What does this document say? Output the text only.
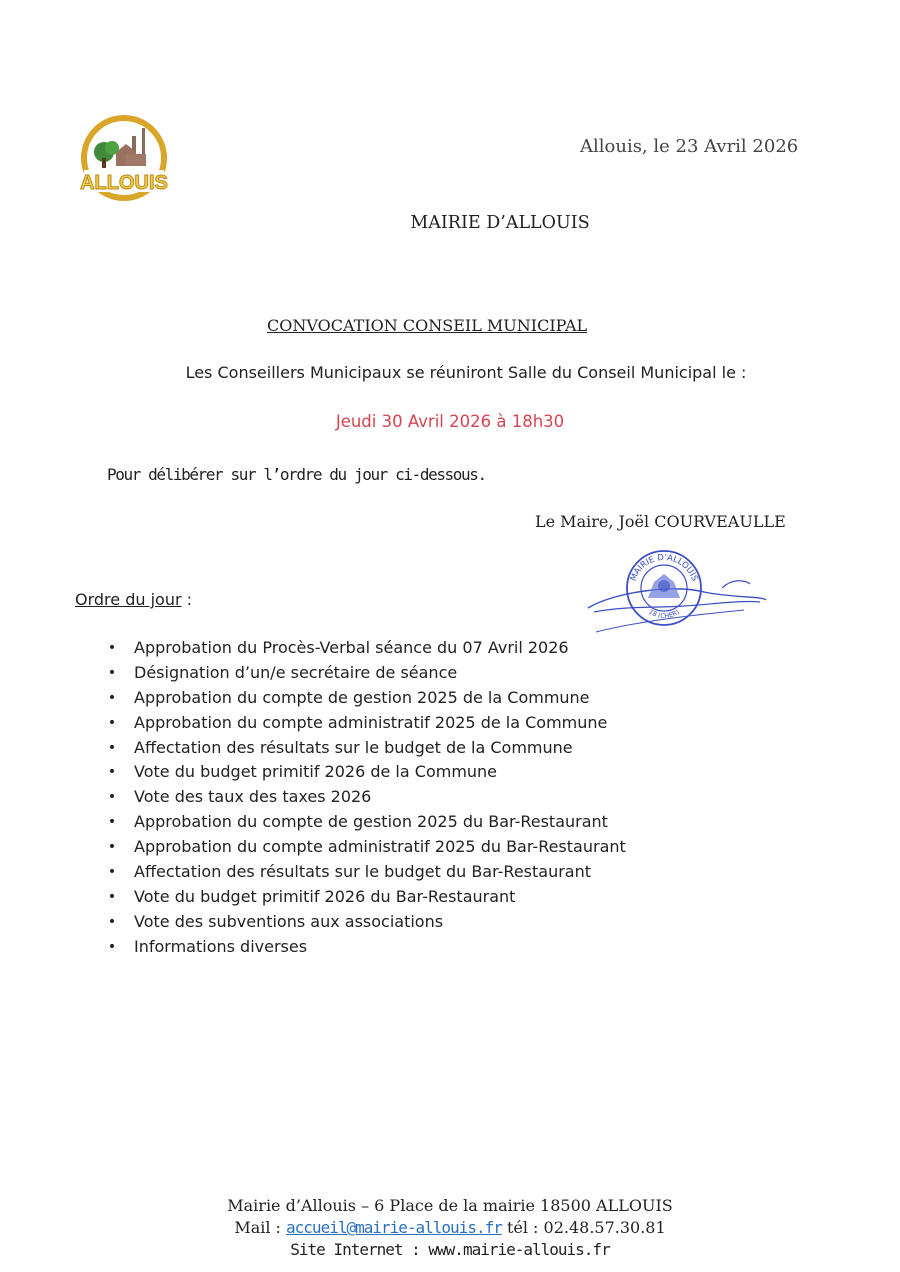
ALLOUIS
Allouis, le 23 Avril 2026
MAIRIE D’ALLOUIS
CONVOCATION CONSEIL MUNICIPAL
Les Conseillers Municipaux se réuniront Salle du Conseil Municipal le :
Jeudi 30 Avril 2026 à 18h30
Pour délibérer sur l’ordre du jour ci-dessous.
Le Maire, Joël COURVEAULLE
MAIRIE D’ALLOUIS
18 (CHER)
Ordre du jour :
• Approbation du Procès-Verbal séance du 07 Avril 2026
• Désignation d’un/e secrétaire de séance
• Approbation du compte de gestion 2025 de la Commune
• Approbation du compte administratif 2025 de la Commune
• Affectation des résultats sur le budget de la Commune
• Vote du budget primitif 2026 de la Commune
• Vote des taux des taxes 2026
• Approbation du compte de gestion 2025 du Bar-Restaurant
• Approbation du compte administratif 2025 du Bar-Restaurant
• Affectation des résultats sur le budget du Bar-Restaurant
• Vote du budget primitif 2026 du Bar-Restaurant
• Vote des subventions aux associations
• Informations diverses
Mairie d’Allouis – 6 Place de la mairie 18500 ALLOUIS
Mail : accueil@mairie-allouis.fr tél : 02.48.57.30.81
Site Internet : www.mairie-allouis.fr
